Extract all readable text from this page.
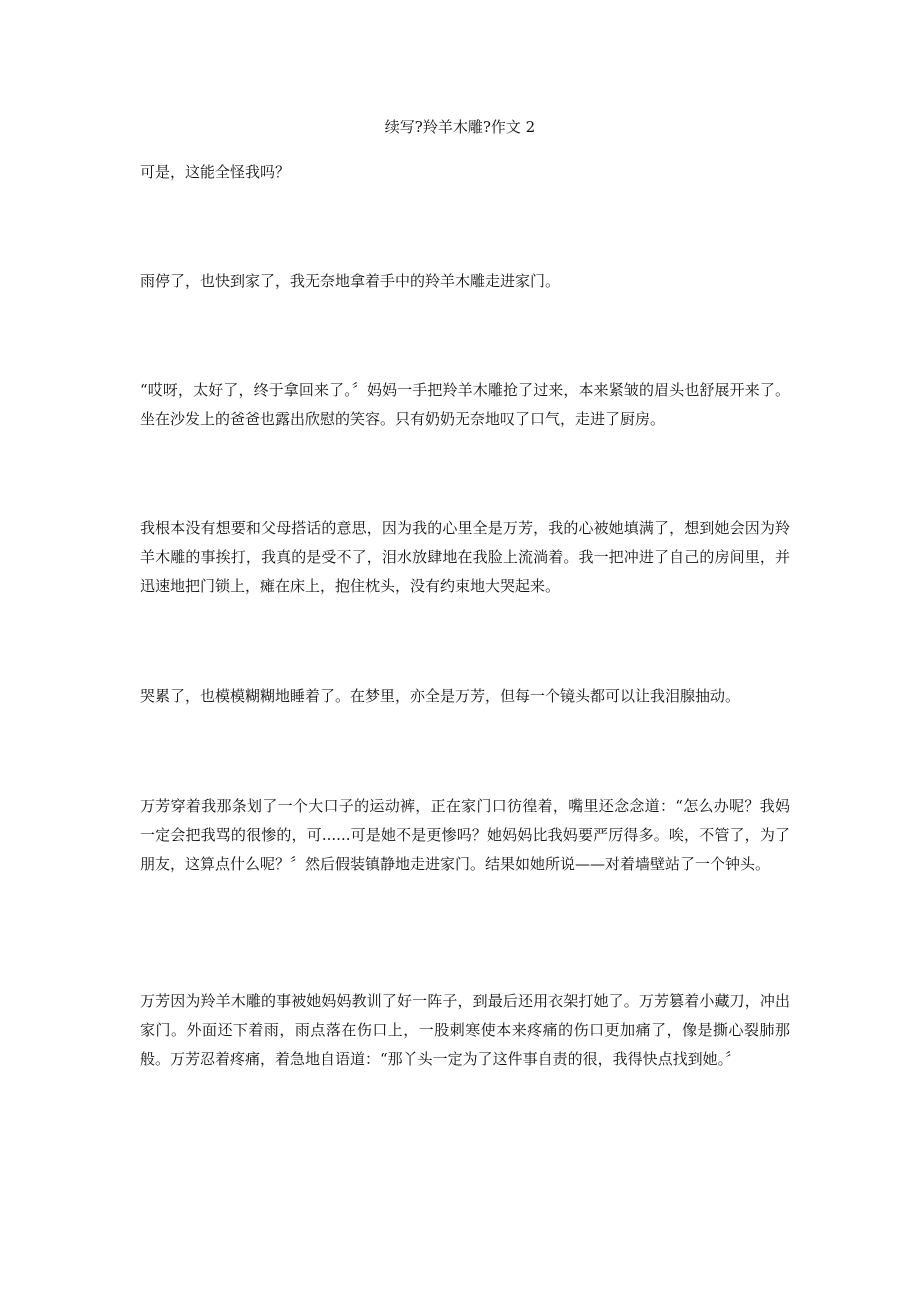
续写?羚羊木雕?作文 2

可是，这能全怪我吗？

雨停了，也快到家了，我无奈地拿着手中的羚羊木雕走进家门。

“哎呀，太好了，终于拿回来了。〞妈妈一手把羚羊木雕抢了过来，本来紧皱的眉头也舒展开来了。坐在沙发上的爸爸也露出欣慰的笑容。只有奶奶无奈地叹了口气，走进了厨房。

我根本没有想要和父母搭话的意思，因为我的心里全是万芳，我的心被她填满了，想到她会因为羚羊木雕的事挨打，我真的是受不了，泪水放肆地在我脸上流淌着。我一把冲进了自己的房间里，并迅速地把门锁上，瘫在床上，抱住枕头，没有约束地大哭起来。

哭累了，也模模糊糊地睡着了。在梦里，亦全是万芳，但每一个镜头都可以让我泪腺抽动。

万芳穿着我那条划了一个大口子的运动裤，正在家门口彷徨着，嘴里还念念道：“怎么办呢？我妈一定会把我骂的很惨的，可......可是她不是更惨吗？她妈妈比我妈要严厉得多。唉，不管了，为了朋友，这算点什么呢？〞然后假装镇静地走进家门。结果如她所说——对着墙壁站了一个钟头。

万芳因为羚羊木雕的事被她妈妈教训了好一阵子，到最后还用衣架打她了。万芳篡着小藏刀，冲出家门。外面还下着雨，雨点落在伤口上，一股刺寒使本来疼痛的伤口更加痛了，像是撕心裂肺那般。万芳忍着疼痛，着急地自语道：“那丫头一定为了这件事自责的很，我得快点找到她。〞
